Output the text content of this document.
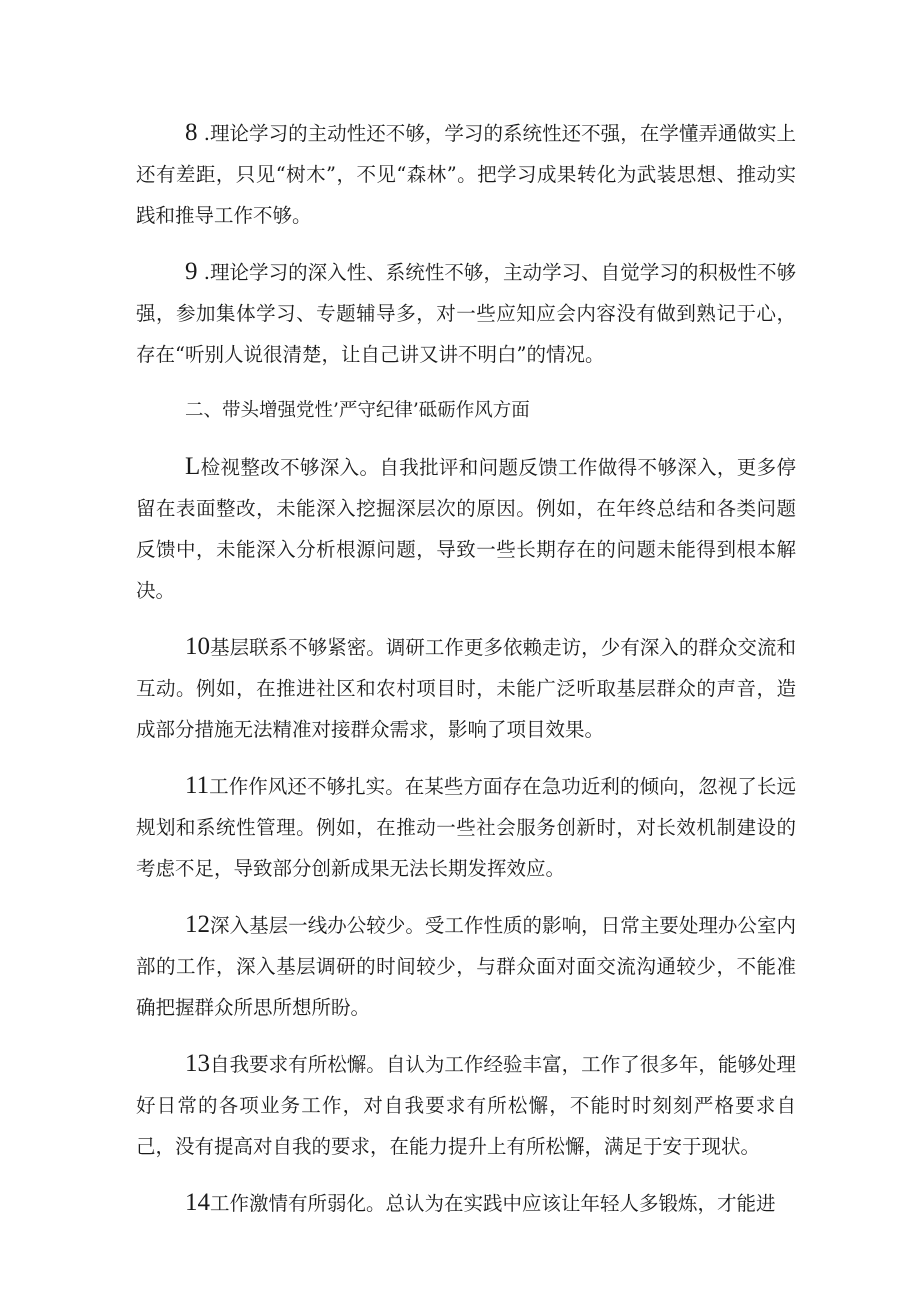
8 .理论学习的主动性还不够，学习的系统性还不强，在学懂弄通做实上还有差距，只见“树木”，不见“森林”。把学习成果转化为武装思想、推动实践和推导工作不够。

9 .理论学习的深入性、系统性不够，主动学习、自觉学习的积极性不够强，参加集体学习、专题辅导多，对一些应知应会内容没有做到熟记于心，存在“听别人说很清楚，让自己讲又讲不明白”的情况。

二、带头增强党性’严守纪律’砥砺作风方面

L检视整改不够深入。自我批评和问题反馈工作做得不够深入，更多停留在表面整改，未能深入挖掘深层次的原因。例如，在年终总结和各类问题反馈中，未能深入分析根源问题，导致一些长期存在的问题未能得到根本解决。

10基层联系不够紧密。调研工作更多依赖走访，少有深入的群众交流和互动。例如，在推进社区和农村项目时，未能广泛听取基层群众的声音，造成部分措施无法精准对接群众需求，影响了项目效果。

11工作作风还不够扎实。在某些方面存在急功近利的倾向，忽视了长远规划和系统性管理。例如，在推动一些社会服务创新时，对长效机制建设的考虑不足，导致部分创新成果无法长期发挥效应。

12深入基层一线办公较少。受工作性质的影响，日常主要处理办公室内部的工作，深入基层调研的时间较少，与群众面对面交流沟通较少，不能准确把握群众所思所想所盼。

13自我要求有所松懈。自认为工作经验丰富，工作了很多年，能够处理好日常的各项业务工作，对自我要求有所松懈，不能时时刻刻严格要求自己，没有提高对自我的要求，在能力提升上有所松懈，满足于安于现状。

14工作激情有所弱化。总认为在实践中应该让年轻人多锻炼，才能进
